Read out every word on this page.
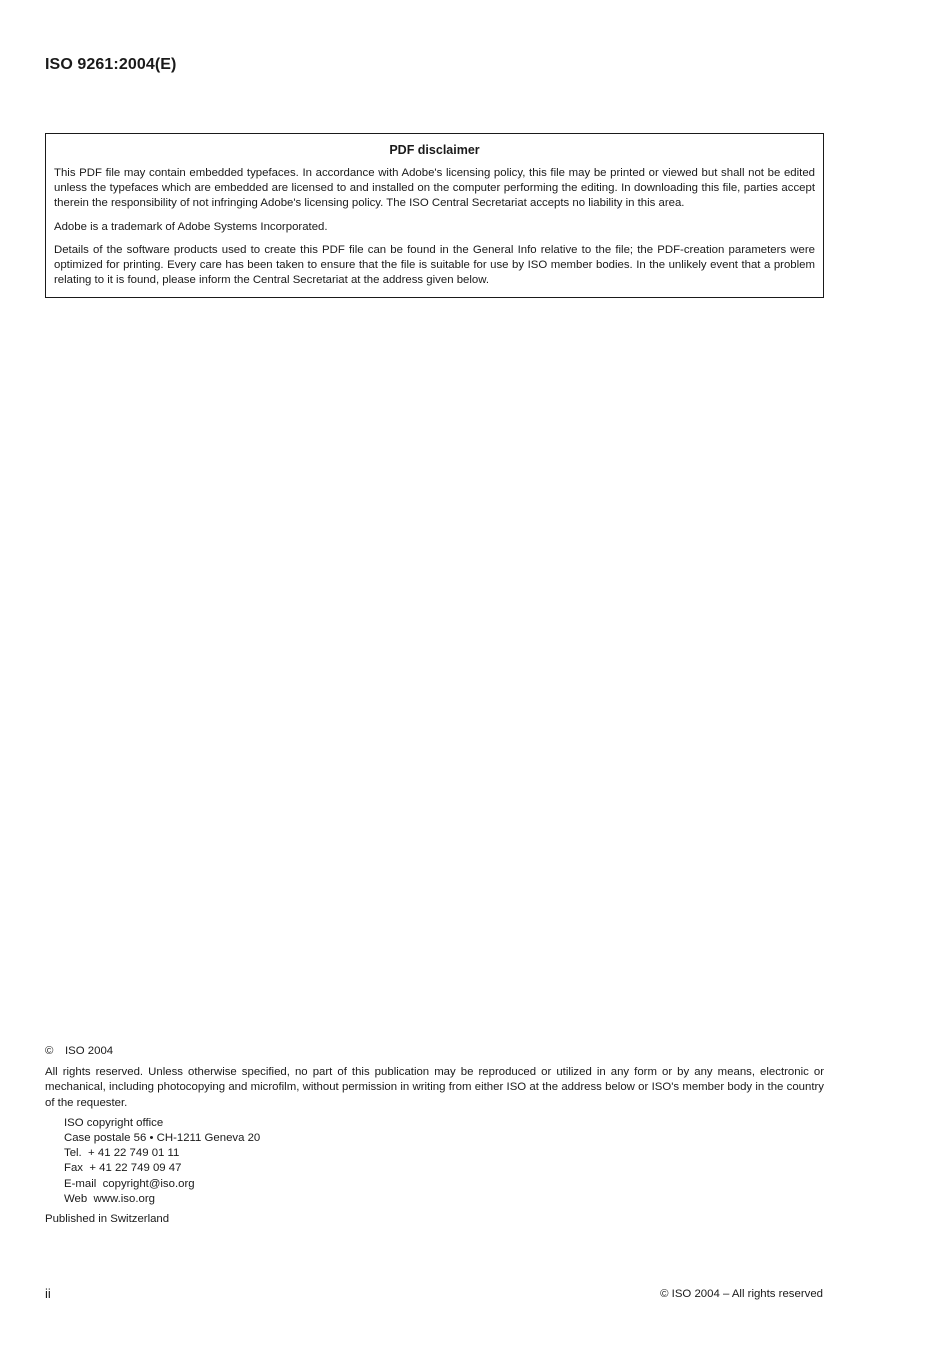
ISO 9261:2004(E)
PDF disclaimer

This PDF file may contain embedded typefaces. In accordance with Adobe's licensing policy, this file may be printed or viewed but shall not be edited unless the typefaces which are embedded are licensed to and installed on the computer performing the editing. In downloading this file, parties accept therein the responsibility of not infringing Adobe's licensing policy. The ISO Central Secretariat accepts no liability in this area.

Adobe is a trademark of Adobe Systems Incorporated.

Details of the software products used to create this PDF file can be found in the General Info relative to the file; the PDF-creation parameters were optimized for printing. Every care has been taken to ensure that the file is suitable for use by ISO member bodies. In the unlikely event that a problem relating to it is found, please inform the Central Secretariat at the address given below.

© ISO 2004

All rights reserved. Unless otherwise specified, no part of this publication may be reproduced or utilized in any form or by any means, electronic or mechanical, including photocopying and microfilm, without permission in writing from either ISO at the address below or ISO's member body in the country of the requester.

ISO copyright office
Case postale 56 • CH-1211 Geneva 20
Tel.  + 41 22 749 01 11
Fax  + 41 22 749 09 47
E-mail  copyright@iso.org
Web  www.iso.org

Published in Switzerland

ii	© ISO 2004 – All rights reserved
